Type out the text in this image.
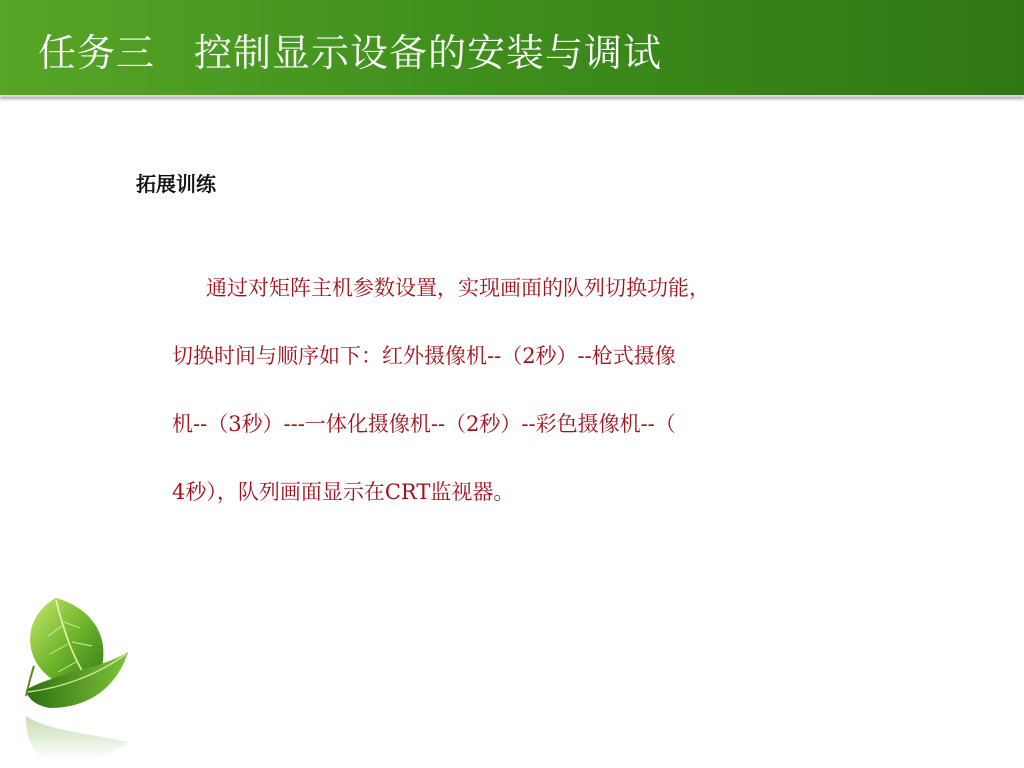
任务三　控制显示设备的安装与调试
拓展训练
通过对矩阵主机参数设置，实现画面的队列切换功能，
切换时间与顺序如下：红外摄像机--（2秒）--枪式摄像
机--（3秒）---一体化摄像机--（2秒）--彩色摄像机--（
4秒），队列画面显示在CRT监视器。
